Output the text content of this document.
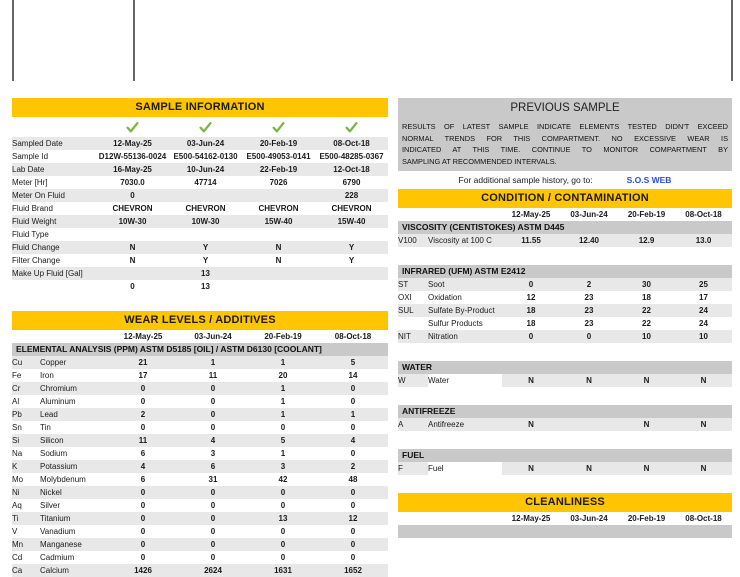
SAMPLE INFORMATION

Sampled Date	12-May-25	03-Jun-24	20-Feb-19	08-Oct-18
Sample Id	D12W-55136-0024	E500-54162-0130	E500-49053-0141	E500-48285-0367
Lab Date	16-May-25	10-Jun-24	22-Feb-19	12-Oct-18
Meter [Hr]	7030.0	47714	7026	6790
Meter On Fluid	0			228
Fluid Brand	CHEVRON	CHEVRON	CHEVRON	CHEVRON
Fluid Weight	10W-30	10W-30	15W-40	15W-40
Fluid Type				
Fluid Change	N	Y	N	Y
Filter Change	N	Y	N	Y
Make Up Fluid [Gal]		13		
	0	13		
WEAR LEVELS / ADDITIVES
		12-May-25	03-Jun-24	20-Feb-19	08-Oct-18
ELEMENTAL ANALYSIS (PPM) ASTM D5185 [OIL] / ASTM D6130 [COOLANT]
Cu	Copper	21	1	1	5
Fe	Iron	17	11	20	14
Cr	Chromium	0	0	1	0
Al	Aluminum	0	0	1	0
Pb	Lead	2	0	1	1
Sn	Tin	0	0	0	0
Si	Silicon	11	4	5	4
Na	Sodium	6	3	1	0
K	Potassium	4	6	3	2
Mo	Molybdenum	6	31	42	48
Ni	Nickel	0	0	0	0
Aq	Silver	0	0	0	0
Ti	Titanium	0	0	13	12
V	Vanadium	0	0	0	0
Mn	Manganese	0	0	0	0
Cd	Cadmium	0	0	0	0
Ca	Calcium	1426	2624	1631	1652
PREVIOUS SAMPLE
RESULTS OF LATEST SAMPLE INDICATE ELEMENTS TESTED DIDN'T EXCEED
NORMAL TRENDS FOR THIS COMPARTMENT. NO EXCESSIVE WEAR IS
INDICATED AT THIS TIME. CONTINUE TO MONITOR COMPARTMENT BY
SAMPLING AT RECOMMENDED INTERVALS.
For additional sample history, go to:	S.O.S WEB
CONDITION / CONTAMINATION
		12-May-25	03-Jun-24	20-Feb-19	08-Oct-18
VISCOSITY (CENTISTOKES) ASTM D445
V100	Viscosity at 100 C	11.55	12.40	12.9	13.0
INFRARED (UFM) ASTM E2412
ST	Soot	0	2	30	25
OXI	Oxidation	12	23	18	17
SUL	Sulfate By-Product	18	23	22	24
	Sulfur Products	18	23	22	24
NIT	Nitration	0	0	10	10
WATER
W	Water	N	N	N	N
ANTIFREEZE
A	Antifreeze	N		N	N
FUEL
F	Fuel	N	N	N	N
CLEANLINESS
		12-May-25	03-Jun-24	20-Feb-19	08-Oct-18
